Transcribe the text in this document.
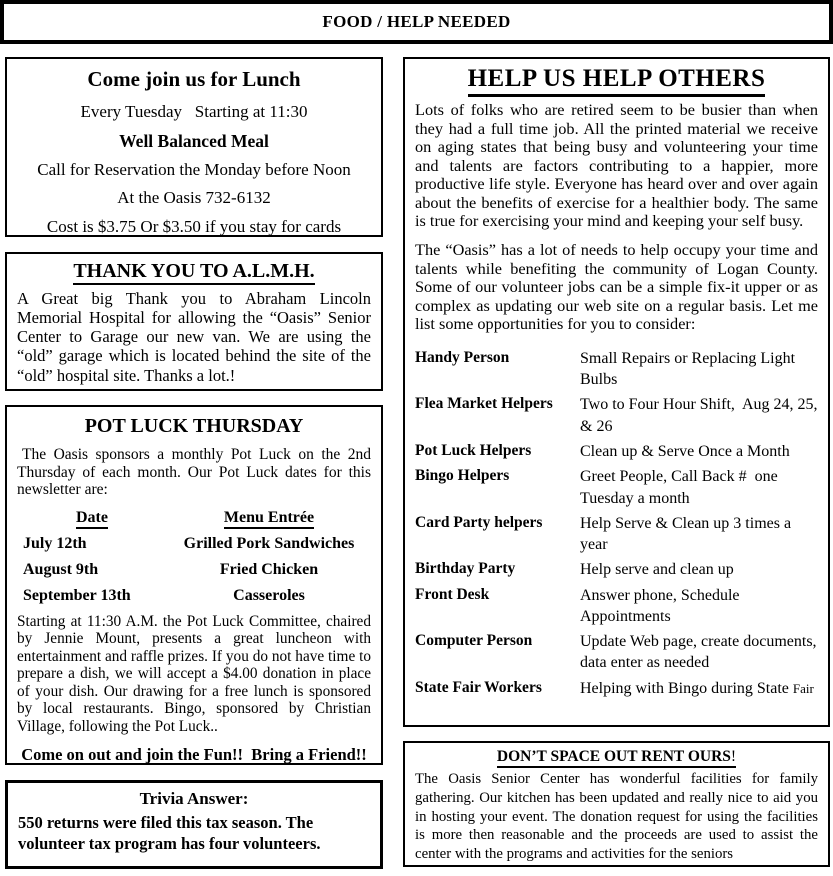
FOOD / HELP NEEDED
Come join us for Lunch
Every Tuesday   Starting at 11:30
Well Balanced Meal
Call for Reservation the Monday before Noon
At the Oasis 732-6132
Cost is $3.75 Or $3.50 if you stay for cards
THANK YOU TO A.L.M.H.
A Great big Thank you to Abraham Lincoln Memorial Hospital for allowing the “Oasis” Senior Center to Garage our new van. We are using the “old” garage which is located behind the site of the “old” hospital site. Thanks a lot.!
POT LUCK THURSDAY
The Oasis sponsors a monthly Pot Luck on the 2nd Thursday of each month. Our Pot Luck dates for this newsletter are:
Date	Menu Entrée
July 12th	Grilled Pork Sandwiches
August 9th	Fried Chicken
September 13th	Casseroles
Starting at 11:30 A.M. the Pot Luck Committee, chaired by Jennie Mount, presents a great luncheon with entertainment and raffle prizes. If you do not have time to prepare a dish, we will accept a $4.00 donation in place of your dish. Our drawing for a free lunch is sponsored by local restaurants. Bingo, sponsored by Christian Village, following the Pot Luck..
Come on out and join the Fun!!  Bring a Friend!!
Trivia Answer:
550 returns were filed this tax season. The volunteer tax program has four volunteers.
HELP US HELP OTHERS
Lots of folks who are retired seem to be busier than when they had a full time job. All the printed material we receive on aging states that being busy and volunteering your time and talents are factors contributing to a happier, more productive life style. Everyone has heard over and over again about the benefits of exercise for a healthier body. The same is true for exercising your mind and keeping your self busy.
The “Oasis” has a lot of needs to help occupy your time and talents while benefiting the community of Logan County. Some of our volunteer jobs can be a simple fix-it upper or as complex as updating our web site on a regular basis. Let me list some opportunities for you to consider:
Handy Person	Small Repairs or Replacing Light Bulbs
Flea Market Helpers	Two to Four Hour Shift,  Aug 24, 25, & 26
Pot Luck Helpers	Clean up & Serve Once a Month
Bingo Helpers	Greet People, Call Back #  one Tuesday a month
Card Party helpers	Help Serve & Clean up 3 times a year
Birthday Party	Help serve and clean up
Front Desk	Answer phone, Schedule Appointments
Computer Person	Update Web page, create documents, data enter as needed
State Fair Workers	Helping with Bingo during State Fair
DON’T SPACE OUT RENT OURS!
The Oasis Senior Center has wonderful facilities for family gathering. Our kitchen has been updated and really nice to aid you in hosting your event. The donation request for using the facilities is more then reasonable and the proceeds are used to assist the center with the programs and activities for the seniors
